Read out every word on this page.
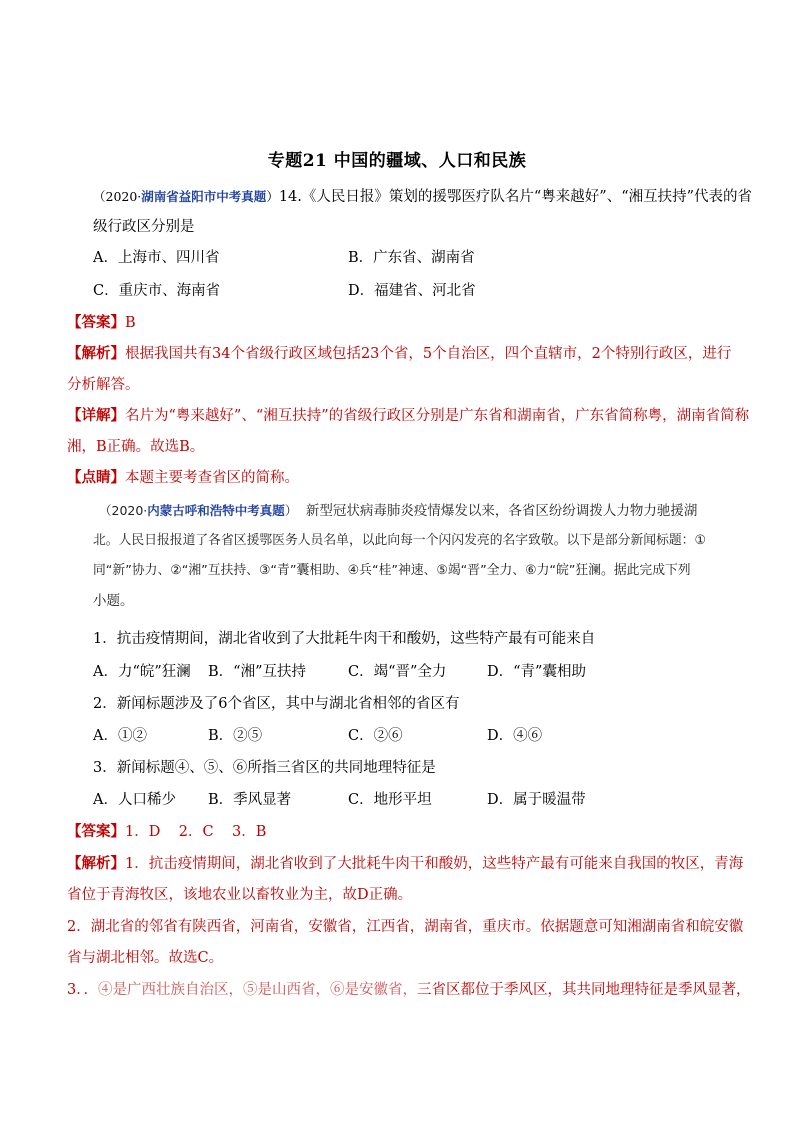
专题21 中国的疆域、人口和民族
（2020·湖南省益阳市中考真题）14.《人民日报》策划的援鄂医疗队名片“粤来越好”、“湘互扶持”代表的省
级行政区分别是
A．上海市、四川省	B．广东省、湖南省
C．重庆市、海南省	D．福建省、河北省
【答案】B
【解析】根据我国共有34个省级行政区域包括23个省，5个自治区，四个直辖市，2个特别行政区，进行
分析解答。
【详解】名片为“粤来越好”、“湘互扶持”的省级行政区分别是广东省和湖南省，广东省简称粤，湖南省简称
湘，B正确。故选B。
【点睛】本题主要考查省区的简称。
（2020·内蒙古呼和浩特中考真题） 新型冠状病毒肺炎疫情爆发以来，各省区纷纷调拨人力物力驰援湖
北。人民日报报道了各省区援鄂医务人员名单，以此向每一个闪闪发亮的名字致敬。以下是部分新闻标题：①
同“新”协力、②“湘”互扶持、③“青”囊相助、④兵“桂”神速、⑤竭“晋”全力、⑥力“皖”狂澜。据此完成下列
小题。
1．抗击疫情期间，湖北省收到了大批耗牛肉干和酸奶，这些特产最有可能来自
A．力“皖”狂澜 B．“湘”互扶持	C．竭“晋”全力	D．“青”囊相助
2．新闻标题涉及了6个省区，其中与湖北省相邻的省区有
A．①②	B．②⑤	C．②⑥	D．④⑥
3．新闻标题④、⑤、⑥所指三省区的共同地理特征是
A．人口稀少 B．季风显著	C．地形平坦	D．属于暖温带
【答案】1．D    2．C    3．B
【解析】1．抗击疫情期间，湖北省收到了大批耗牛肉干和酸奶，这些特产最有可能来自我国的牧区，青海
省位于青海牧区，该地农业以畜牧业为主，故D正确。
2．湖北省的邻省有陕西省，河南省，安徽省，江西省，湖南省，重庆市。依据题意可知湘湖南省和皖安徽
省与湖北相邻。故选C。
3．．④是广西壮族自治区，⑤是山西省，⑥是安徽省，三省区都位于季风区，其共同地理特征是季风显著，
